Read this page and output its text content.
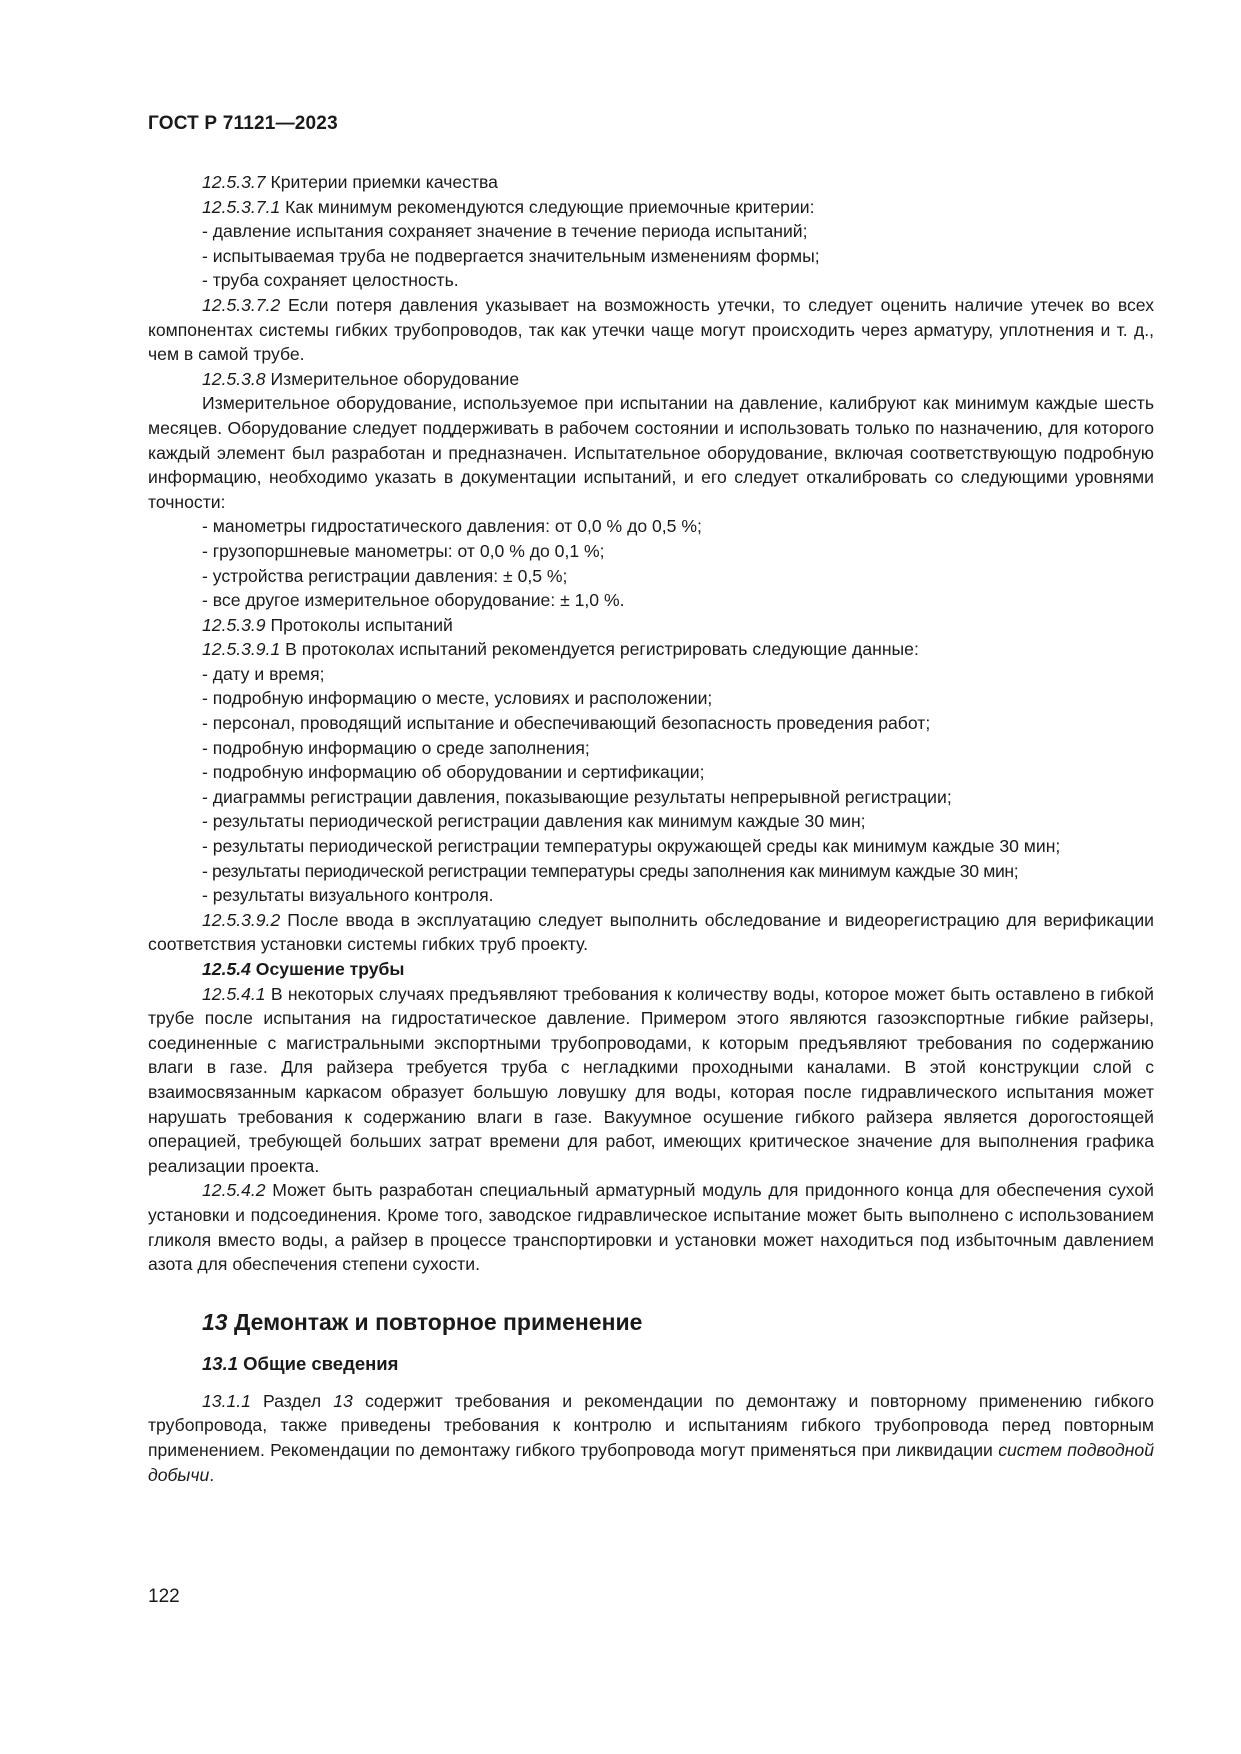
ГОСТ Р 71121—2023

12.5.3.7 Критерии приемки качества

12.5.3.7.1 Как минимум рекомендуются следующие приемочные критерии:

- давление испытания сохраняет значение в течение периода испытаний;

- испытываемая труба не подвергается значительным изменениям формы;

- труба сохраняет целостность.

12.5.3.7.2 Если потеря давления указывает на возможность утечки, то следует оценить наличие утечек во всех компонентах системы гибких трубопроводов, так как утечки чаще могут происходить через арматуру, уплотнения и т. д., чем в самой трубе.

12.5.3.8 Измерительное оборудование

Измерительное оборудование, используемое при испытании на давление, калибруют как минимум каждые шесть месяцев. Оборудование следует поддерживать в рабочем состоянии и использовать только по назначению, для которого каждый элемент был разработан и предназначен. Испытательное оборудование, включая соответствующую подробную информацию, необходимо указать в документации испытаний, и его следует откалибровать со следующими уровнями точности:

- манометры гидростатического давления: от 0,0 % до 0,5 %;

- грузопоршневые манометры: от 0,0 % до 0,1 %;

- устройства регистрации давления: ± 0,5 %;

- все другое измерительное оборудование: ± 1,0 %.

12.5.3.9 Протоколы испытаний

12.5.3.9.1 В протоколах испытаний рекомендуется регистрировать следующие данные:

- дату и время;

- подробную информацию о месте, условиях и расположении;

- персонал, проводящий испытание и обеспечивающий безопасность проведения работ;

- подробную информацию о среде заполнения;

- подробную информацию об оборудовании и сертификации;

- диаграммы регистрации давления, показывающие результаты непрерывной регистрации;

- результаты периодической регистрации давления как минимум каждые 30 мин;

- результаты периодической регистрации температуры окружающей среды как минимум каждые 30 мин;

- результаты периодической регистрации температуры среды заполнения как минимум каждые 30 мин;

- результаты визуального контроля.

12.5.3.9.2 После ввода в эксплуатацию следует выполнить обследование и видеорегистрацию для верификации соответствия установки системы гибких труб проекту.

12.5.4 Осушение трубы

12.5.4.1 В некоторых случаях предъявляют требования к количеству воды, которое может быть оставлено в гибкой трубе после испытания на гидростатическое давление. Примером этого являются газоэкспортные гибкие райзеры, соединенные с магистральными экспортными трубопроводами, к которым предъявляют требования по содержанию влаги в газе. Для райзера требуется труба с негладкими проходными каналами. В этой конструкции слой с взаимосвязанным каркасом образует большую ловушку для воды, которая после гидравлического испытания может нарушать требования к содержанию влаги в газе. Вакуумное осушение гибкого райзера является дорогостоящей операцией, требующей больших затрат времени для работ, имеющих критическое значение для выполнения графика реализации проекта.

12.5.4.2 Может быть разработан специальный арматурный модуль для придонного конца для обеспечения сухой установки и подсоединения. Кроме того, заводское гидравлическое испытание может быть выполнено с использованием гликоля вместо воды, а райзер в процессе транспортировки и установки может находиться под избыточным давлением азота для обеспечения степени сухости.

13 Демонтаж и повторное применение

13.1 Общие сведения

13.1.1 Раздел 13 содержит требования и рекомендации по демонтажу и повторному применению гибкого трубопровода, также приведены требования к контролю и испытаниям гибкого трубопровода перед повторным применением. Рекомендации по демонтажу гибкого трубопровода могут применяться при ликвидации систем подводной добычи.

122
